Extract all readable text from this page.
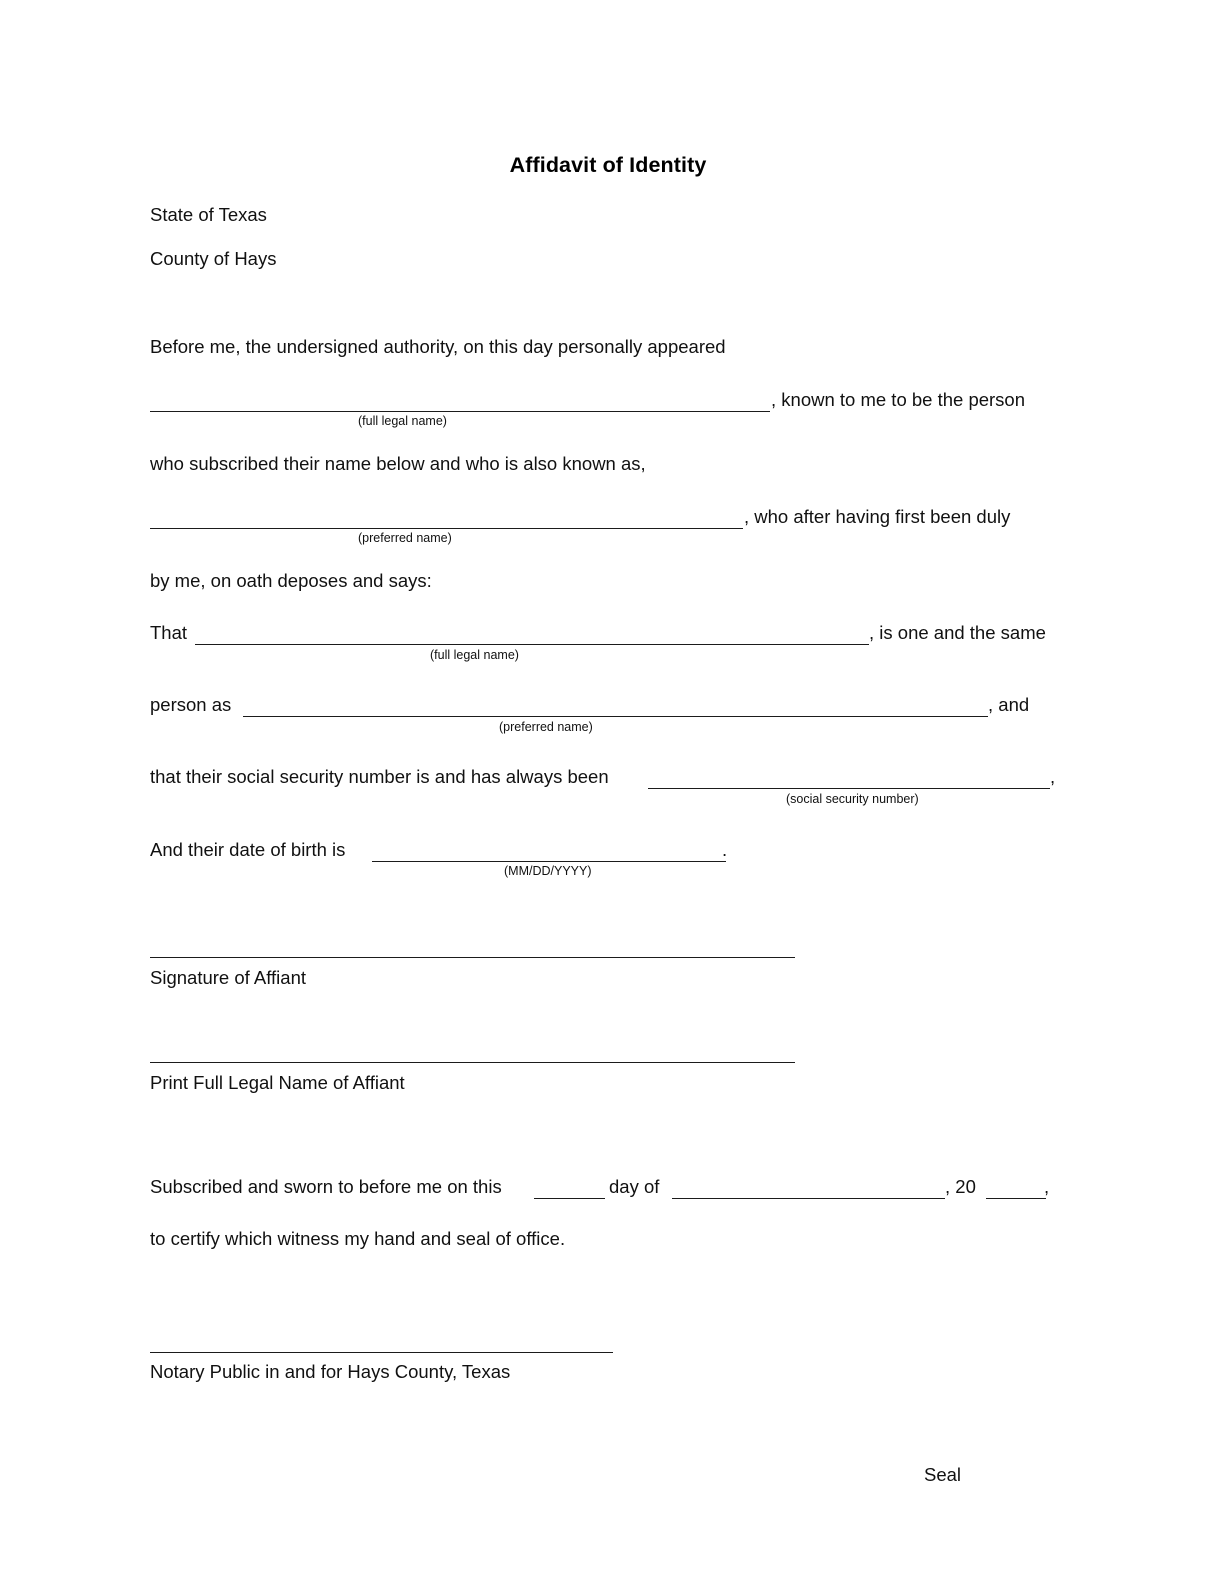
Affidavit of Identity
State of Texas
County of Hays
Before me, the undersigned authority, on this day personally appeared
, known to me to be the person
(full legal name)
who subscribed their name below and who is also known as,
, who after having first been duly
(preferred name)
by me, on oath deposes and says:
That	, is one and the same
(full legal name)
person as	, and
(preferred name)
that their social security number is and has always been	,
(social security number)
And their date of birth is	.
(MM/DD/YYYY)
Signature of Affiant
Print Full Legal Name of Affiant
Subscribed and sworn to before me on this	day of	, 20	,
to certify which witness my hand and seal of office.
Notary Public in and for Hays County, Texas
Seal
